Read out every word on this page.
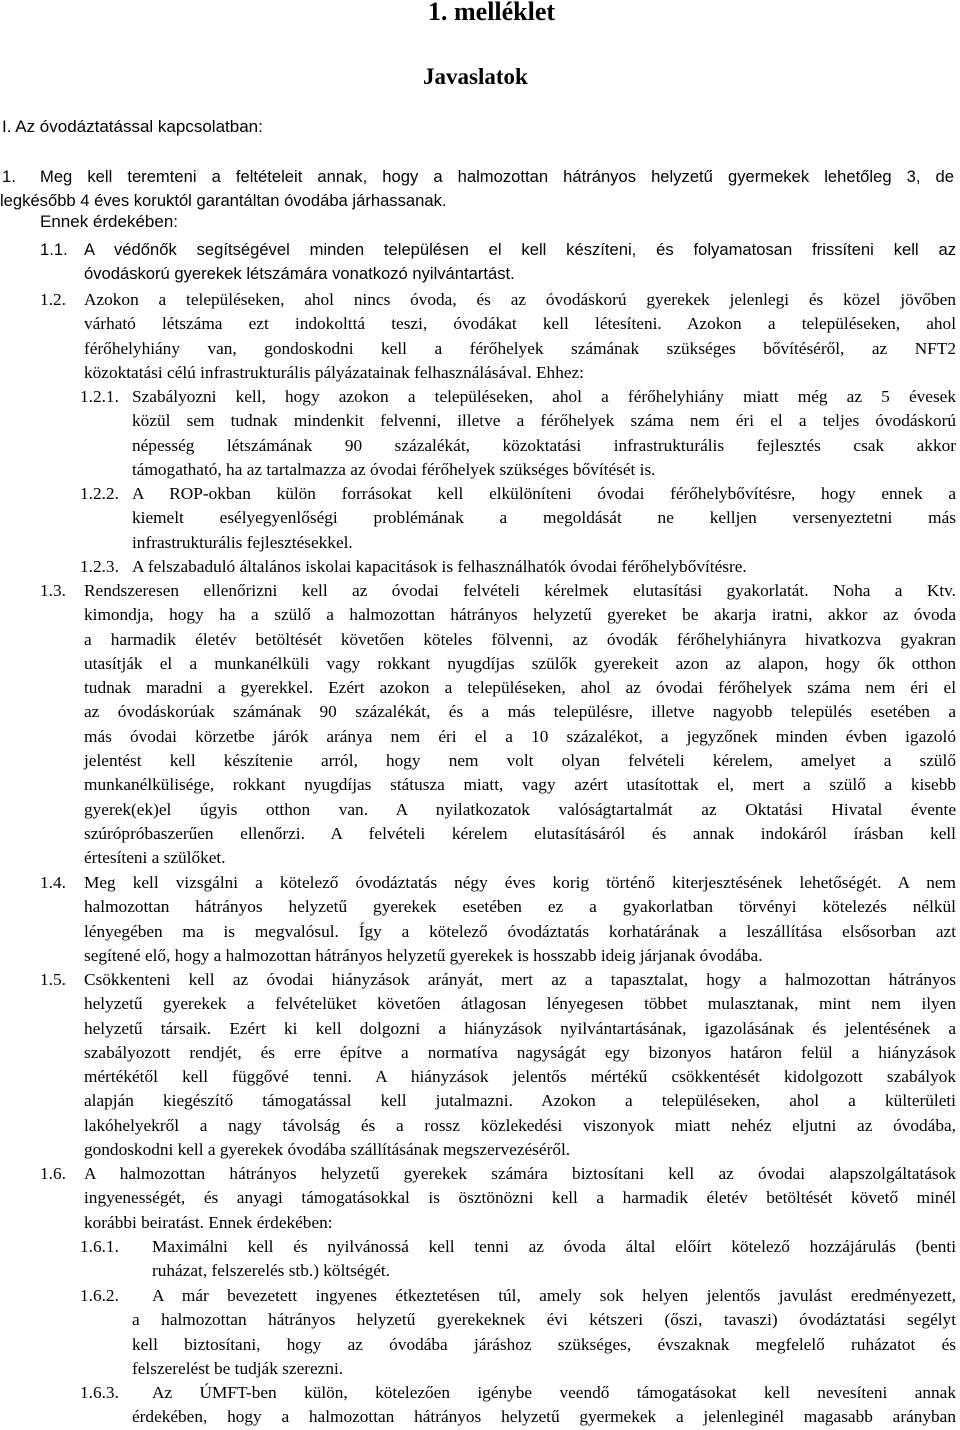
1. melléklet
Javaslatok
I. Az óvodáztatással kapcsolatban:
1. Meg kell teremteni a feltételeit annak, hogy a halmozottan hátrányos helyzetű gyermekek lehetőleg 3, de
legkésőbb 4 éves koruktól garantáltan óvodába járhassanak.
Ennek érdekében:
1.1. A védőnők segítségével minden településen el kell készíteni, és folyamatosan frissíteni kell az
óvodáskorú gyerekek létszámára vonatkozó nyilvántartást.
1.2. Azokon a településeken, ahol nincs óvoda, és az óvodáskorú gyerekek jelenlegi és közel jövőben
várható létszáma ezt indokolttá teszi, óvodákat kell létesíteni. Azokon a településeken, ahol
férőhelyhiány van, gondoskodni kell a férőhelyek számának szükséges bővítéséről, az NFT2
közoktatási célú infrastrukturális pályázatainak felhasználásával. Ehhez:
1.2.1. Szabályozni kell, hogy azokon a településeken, ahol a férőhelyhiány miatt még az 5 évesek
közül sem tudnak mindenkit felvenni, illetve a férőhelyek száma nem éri el a teljes óvodáskorú
népesség létszámának 90 százalékát, közoktatási infrastrukturális fejlesztés csak akkor
támogatható, ha az tartalmazza az óvodai férőhelyek szükséges bővítését is.
1.2.2. A ROP-okban külön forrásokat kell elkülöníteni óvodai férőhelybővítésre, hogy ennek a
kiemelt esélyegyenlőségi problémának a megoldását ne kelljen versenyeztetni más
infrastrukturális fejlesztésekkel.
1.2.3. A felszabaduló általános iskolai kapacitások is felhasználhatók óvodai férőhelybővítésre.
1.3. Rendszeresen ellenőrizni kell az óvodai felvételi kérelmek elutasítási gyakorlatát. Noha a Ktv.
kimondja, hogy ha a szülő a halmozottan hátrányos helyzetű gyereket be akarja iratni, akkor az óvoda
a harmadik életév betöltését követően köteles fölvenni, az óvodák férőhelyhiányra hivatkozva gyakran
utasítják el a munkanélküli vagy rokkant nyugdíjas szülők gyerekeit azon az alapon, hogy ők otthon
tudnak maradni a gyerekkel. Ezért azokon a településeken, ahol az óvodai férőhelyek száma nem éri el
az óvodáskorúak számának 90 százalékát, és a más településre, illetve nagyobb település esetében a
más óvodai körzetbe járók aránya nem éri el a 10 százalékot, a jegyzőnek minden évben igazoló
jelentést kell készítenie arról, hogy nem volt olyan felvételi kérelem, amelyet a szülő
munkanélkülisége, rokkant nyugdíjas státusza miatt, vagy azért utasítottak el, mert a szülő a kisebb
gyerek(ek)el úgyis otthon van. A nyilatkozatok valóságtartalmát az Oktatási Hivatal évente
szúrópróbaszerűen ellenőrzi. A felvételi kérelem elutasításáról és annak indokáról írásban kell
értesíteni a szülőket.
1.4. Meg kell vizsgálni a kötelező óvodáztatás négy éves korig történő kiterjesztésének lehetőségét. A nem
halmozottan hátrányos helyzetű gyerekek esetében ez a gyakorlatban törvényi kötelezés nélkül
lényegében ma is megvalósul. Így a kötelező óvodáztatás korhatárának a leszállítása elsősorban azt
segítené elő, hogy a halmozottan hátrányos helyzetű gyerekek is hosszabb ideig járjanak óvodába.
1.5. Csökkenteni kell az óvodai hiányzások arányát, mert az a tapasztalat, hogy a halmozottan hátrányos
helyzetű gyerekek a felvételüket követően átlagosan lényegesen többet mulasztanak, mint nem ilyen
helyzetű társaik. Ezért ki kell dolgozni a hiányzások nyilvántartásának, igazolásának és jelentésének a
szabályozott rendjét, és erre építve a normatíva nagyságát egy bizonyos határon felül a hiányzások
mértékétől kell függővé tenni. A hiányzások jelentős mértékű csökkentését kidolgozott szabályok
alapján kiegészítő támogatással kell jutalmazni. Azokon a településeken, ahol a külterületi
lakóhelyekről a nagy távolság és a rossz közlekedési viszonyok miatt nehéz eljutni az óvodába,
gondoskodni kell a gyerekek óvodába szállításának megszervezéséről.
1.6. A halmozottan hátrányos helyzetű gyerekek számára biztosítani kell az óvodai alapszolgáltatások
ingyenességét, és anyagi támogatásokkal is ösztönözni kell a harmadik életév betöltését követő minél
korábbi beiratást. Ennek érdekében:
1.6.1. Maximálni kell és nyilvánossá kell tenni az óvoda által előírt kötelező hozzájárulás (benti
ruházat, felszerelés stb.) költségét.
1.6.2.	A már bevezetett ingyenes étkeztetésen túl, amely sok helyen jelentős javulást eredményezett,
a halmozottan hátrányos helyzetű gyerekeknek évi kétszeri (őszi, tavaszi) óvodáztatási segélyt
kell biztosítani, hogy az óvodába járáshoz szükséges, évszaknak megfelelő ruházatot és
felszerelést be tudják szerezni.
1.6.3.	Az ÚMFT-ben külön, kötelezően igénybe veendő támogatásokat kell nevesíteni annak
érdekében, hogy a halmozottan hátrányos helyzetű gyermekek a jelenleginél magasabb arányban
